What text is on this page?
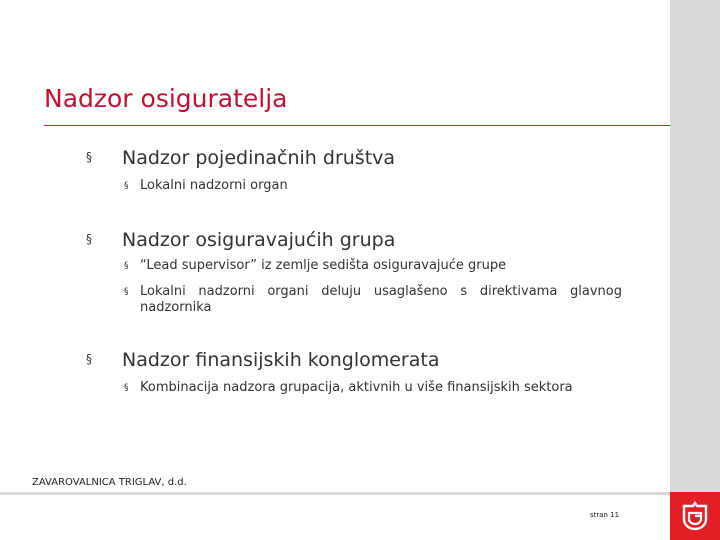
Nadzor osiguratelja
§ Nadzor pojedinačnih društva
§ Lokalni nadzorni organ
§ Nadzor osiguravajućih grupa
§ “Lead supervisor” iz zemlje sedišta osiguravajuće grupe
§ Lokalni nadzorni organi deluju usaglašeno s direktivama glavnog nadzornika
§ Nadzor finansijskih konglomerata
§ Kombinacija nadzora grupacija, aktivnih u više finansijskih sektora
ZAVAROVALNICA TRIGLAV, d.d.
stran 11
